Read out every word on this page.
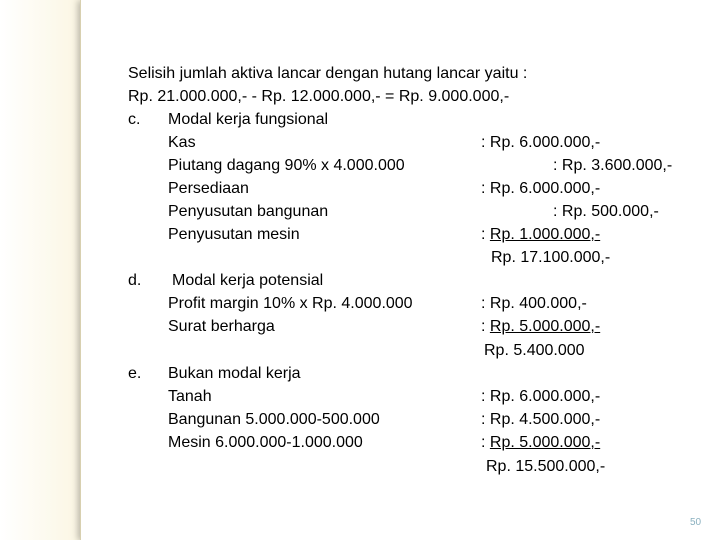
Selisih jumlah aktiva lancar dengan hutang lancar yaitu :
Rp. 21.000.000,- - Rp. 12.000.000,- = Rp. 9.000.000,-
c. Modal kerja fungsional
Kas	: Rp. 6.000.000,-
Piutang dagang 90% x 4.000.000	: Rp. 3.600.000,-
Persediaan	: Rp. 6.000.000,-
Penyusutan bangunan	: Rp. 500.000,-
Penyusutan mesin	: Rp. 1.000.000,-
Rp. 17.100.000,-
d. Modal kerja potensial
Profit margin 10% x Rp. 4.000.000	: Rp. 400.000,-
Surat berharga	: Rp. 5.000.000,-
Rp. 5.400.000
e. Bukan modal kerja
Tanah	: Rp. 6.000.000,-
Bangunan 5.000.000-500.000	: Rp. 4.500.000,-
Mesin 6.000.000-1.000.000	: Rp. 5.000.000,-
Rp. 15.500.000,-
50
